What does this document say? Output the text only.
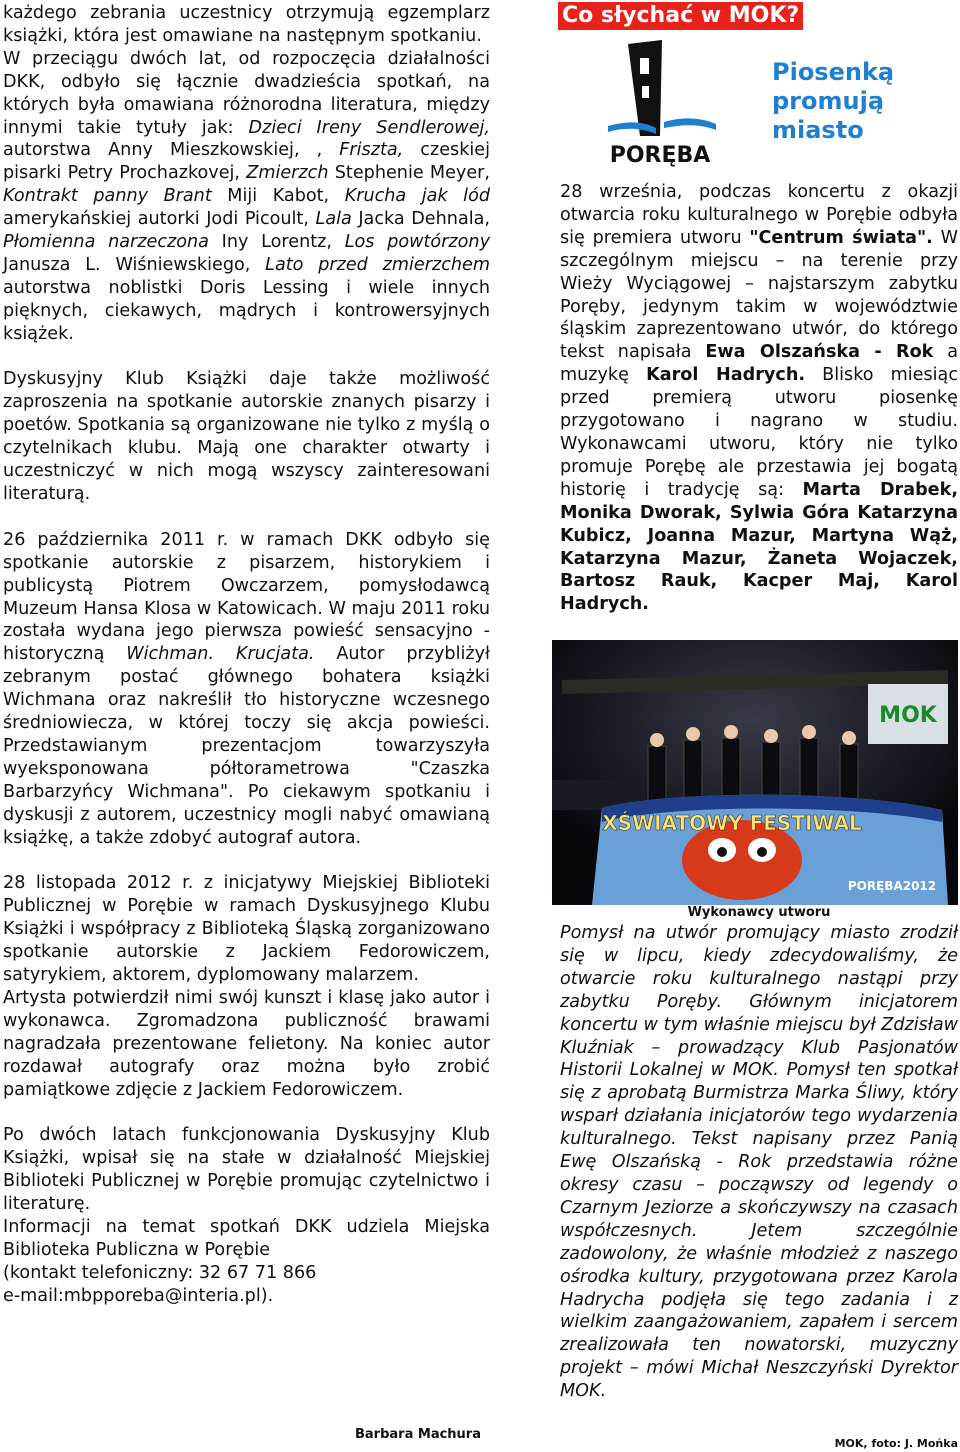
każdego zebrania uczestnicy otrzymują egzemplarz książki, która jest omawiane na następnym spotkaniu.

W przeciągu dwóch lat, od rozpoczęcia działalności DKK, odbyło się łącznie dwadzieścia spotkań, na których była omawiana różnorodna literatura, między innymi takie tytuły jak: Dzieci Ireny Sendlerowej, autorstwa Anny Mieszkowskiej, , Friszta, czeskiej pisarki Petry Prochazkovej, Zmierzch Stephenie Meyer, Kontrakt panny Brant Miji Kabot, Krucha jak lód amerykańskiej autorki Jodi Picoult, Lala Jacka Dehnala, Płomienna narzeczona Iny Lorentz, Los powtórzony Janusza L. Wiśniewskiego, Lato przed zmierzchem autorstwa noblistki Doris Lessing i wiele innych pięknych, ciekawych, mądrych i kontrowersyjnych książek.

Dyskusyjny Klub Książki daje także możliwość zaproszenia na spotkanie autorskie znanych pisarzy i poetów. Spotkania są organizowane nie tylko z myślą o czytelnikach klubu. Mają one charakter otwarty i uczestniczyć w nich mogą wszyscy zainteresowani literaturą.

26 października 2011 r. w ramach DKK odbyło się spotkanie autorskie z pisarzem, historykiem i publicystą Piotrem Owczarzem, pomysłodawcą Muzeum Hansa Klosa w Katowicach. W maju 2011 roku została wydana jego pierwsza powieść sensacyjno - historyczną Wichman. Krucjata. Autor przybliżył zebranym postać głównego bohatera książki Wichmana oraz nakreślił tło historyczne wczesnego średniowiecza, w której toczy się akcja powieści. Przedstawianym prezentacjom towarzyszyła wyeksponowana półtorametrowa "Czaszka Barbarzyńcy Wichmana". Po ciekawym spotkaniu i dyskusji z autorem, uczestnicy mogli nabyć omawianą książkę, a także zdobyć autograf autora.

28 listopada 2012 r. z inicjatywy Miejskiej Biblioteki Publicznej w Porębie w ramach Dyskusyjnego Klubu Książki i współpracy z Biblioteką Śląską zorganizowano spotkanie autorskie z Jackiem Fedorowiczem, satyrykiem, aktorem, dyplomowany malarzem.

Artysta potwierdził nimi swój kunszt i klasę jako autor i wykonawca. Zgromadzona publiczność brawami nagradzała prezentowane felietony. Na koniec autor rozdawał autografy oraz można było zrobić pamiątkowe zdjęcie z Jackiem Fedorowiczem.

Po dwóch latach funkcjonowania Dyskusyjny Klub Książki, wpisał się na stałe w działalność Miejskiej Biblioteki Publicznej w Porębie promując czytelnictwo i literaturę.

Informacji na temat spotkań DKK udziela Miejska Biblioteka Publiczna w Porębie

(kontakt telefoniczny: 32 67 71 866

e-mail:mbpporeba@interia.pl).

Barbara Machura
Co słychać w MOK?
PORĘBA
Piosenką
promują
miasto

28 września, podczas koncertu z okazji otwarcia roku kulturalnego w Porębie odbyła się premiera utworu "Centrum świata". W szczególnym miejscu – na terenie przy Wieży Wyciągowej – najstarszym zabytku Poręby, jedynym takim w województwie śląskim zaprezentowano utwór, do którego tekst napisała Ewa Olszańska - Rok a muzykę Karol Hadrych. Blisko miesiąc przed premierą utworu piosenkę przygotowano i nagrano w studiu. Wykonawcami utworu, który nie tylko promuje Porębę ale przestawia jej bogatą historię i tradycję są: Marta Drabek, Monika Dworak, Sylwia Góra Katarzyna Kubicz, Joanna Mazur, Martyna Wąż, Katarzyna Mazur, Żaneta Wojaczek, Bartosz Rauk, Kacper Maj, Karol Hadrych.

MOK
XŚWIATOWY FESTIWAL
PORĘBA2012
Wykonawcy utworu

Pomysł na utwór promujący miasto zrodził się w lipcu, kiedy zdecydowaliśmy, że otwarcie roku kulturalnego nastąpi przy zabytku Poręby. Głównym inicjatorem koncertu w tym właśnie miejscu był Zdzisław Kluźniak – prowadzący Klub Pasjonatów Historii Lokalnej w MOK. Pomysł ten spotkał się z aprobatą Burmistrza Marka Śliwy, który wsparł działania inicjatorów tego wydarzenia kulturalnego. Tekst napisany przez Panią Ewę Olszańską - Rok przedstawia różne okresy czasu – począwszy od legendy o Czarnym Jeziorze a skończywszy na czasach współczesnych. Jetem szczególnie zadowolony, że właśnie młodzież z naszego ośrodka kultury, przygotowana przez Karola Hadrycha podjęła się tego zadania i z wielkim zaangażowaniem, zapałem i sercem zrealizowała ten nowatorski, muzyczny projekt – mówi Michał Neszczyński Dyrektor MOK.

MOK, foto: J. Mońka
